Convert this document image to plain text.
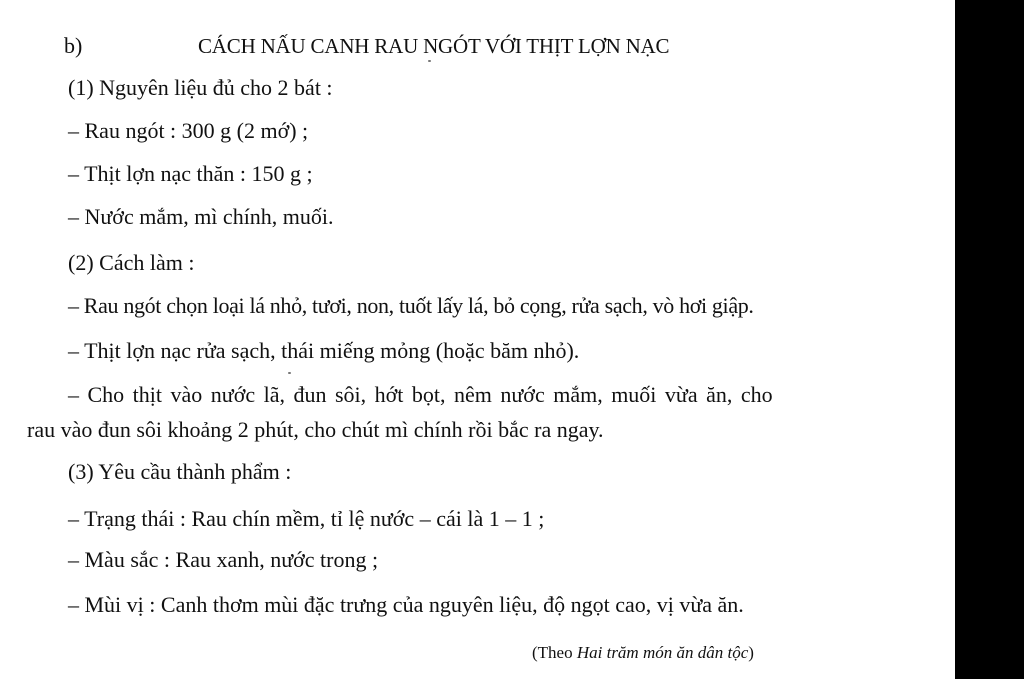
b)	CÁCH NẤU CANH RAU NGÓT VỚI THỊT LỢN NẠC
(1) Nguyên liệu đủ cho 2 bát :
– Rau ngót : 300 g (2 mớ) ;
– Thịt lợn nạc thăn : 150 g ;
– Nước mắm, mì chính, muối.
(2) Cách làm :
– Rau ngót chọn loại lá nhỏ, tươi, non, tuốt lấy lá, bỏ cọng, rửa sạch, vò hơi giập.
– Thịt lợn nạc rửa sạch, thái miếng mỏng (hoặc băm nhỏ).
– Cho thịt vào nước lã, đun sôi, hớt bọt, nêm nước mắm, muối vừa ăn, cho
rau vào đun sôi khoảng 2 phút, cho chút mì chính rồi bắc ra ngay.
(3) Yêu cầu thành phẩm :
– Trạng thái : Rau chín mềm, tỉ lệ nước – cái là 1 – 1 ;
– Màu sắc : Rau xanh, nước trong ;
– Mùi vị : Canh thơm mùi đặc trưng của nguyên liệu, độ ngọt cao, vị vừa ăn.
(Theo Hai trăm món ăn dân tộc)
